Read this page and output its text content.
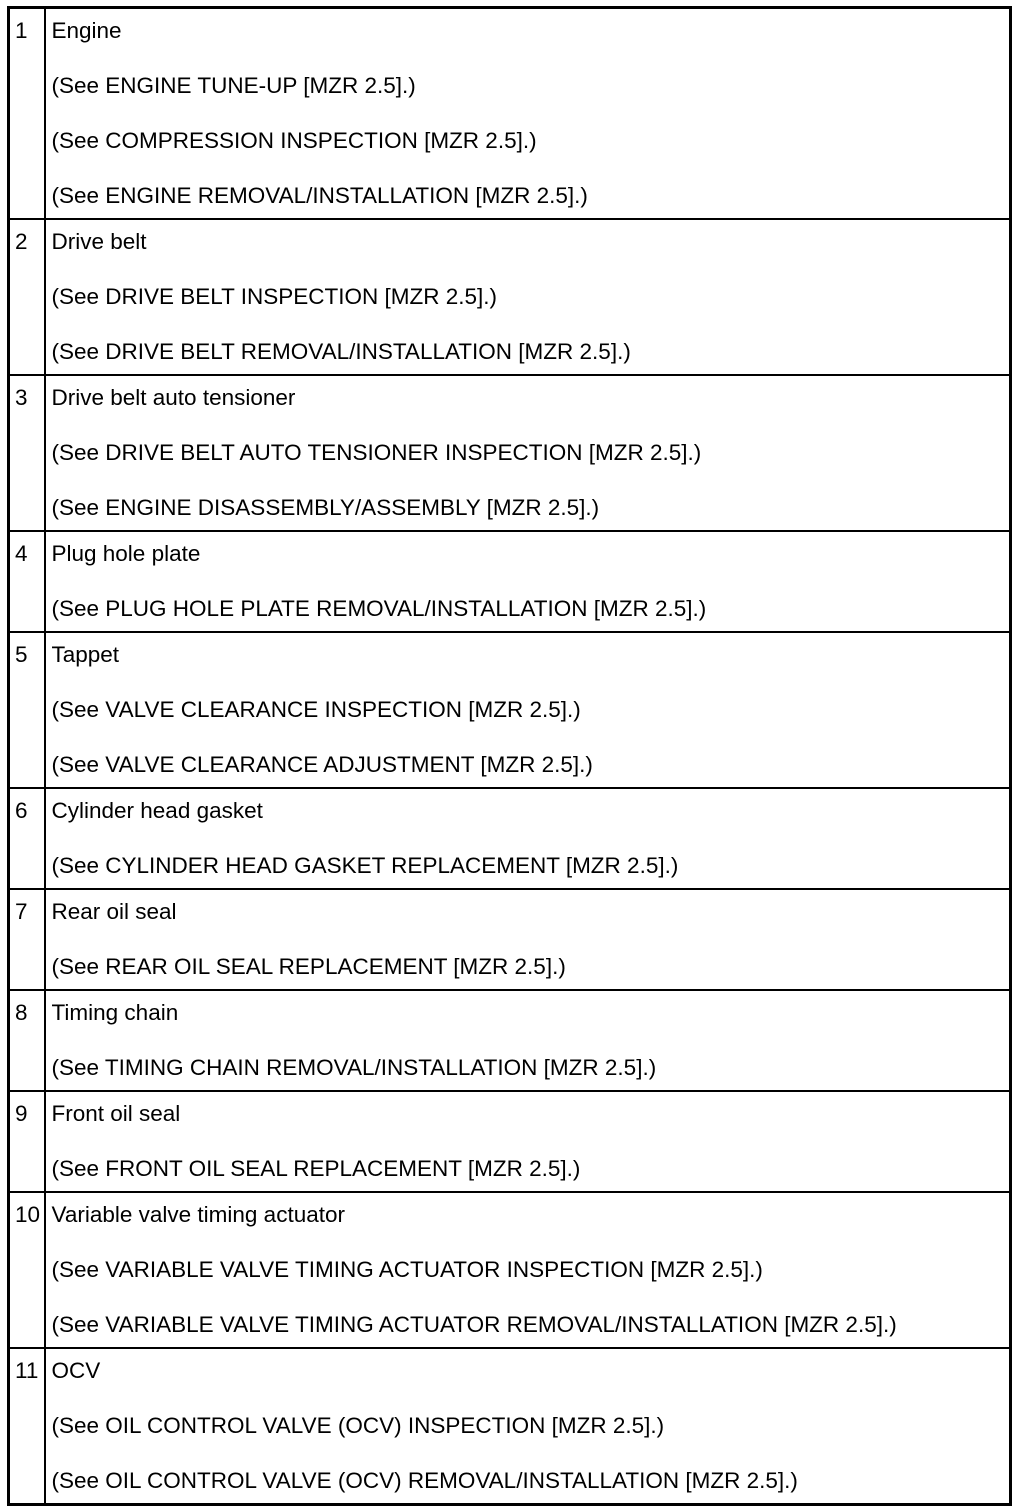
1	Engine
(See ENGINE TUNE-UP [MZR 2.5].)
(See COMPRESSION INSPECTION [MZR 2.5].)
(See ENGINE REMOVAL/INSTALLATION [MZR 2.5].)

2	Drive belt
(See DRIVE BELT INSPECTION [MZR 2.5].)
(See DRIVE BELT REMOVAL/INSTALLATION [MZR 2.5].)

3	Drive belt auto tensioner
(See DRIVE BELT AUTO TENSIONER INSPECTION [MZR 2.5].)
(See ENGINE DISASSEMBLY/ASSEMBLY [MZR 2.5].)

4	Plug hole plate
(See PLUG HOLE PLATE REMOVAL/INSTALLATION [MZR 2.5].)

5	Tappet
(See VALVE CLEARANCE INSPECTION [MZR 2.5].)
(See VALVE CLEARANCE ADJUSTMENT [MZR 2.5].)

6	Cylinder head gasket
(See CYLINDER HEAD GASKET REPLACEMENT [MZR 2.5].)

7	Rear oil seal
(See REAR OIL SEAL REPLACEMENT [MZR 2.5].)

8	Timing chain
(See TIMING CHAIN REMOVAL/INSTALLATION [MZR 2.5].)

9	Front oil seal
(See FRONT OIL SEAL REPLACEMENT [MZR 2.5].)

10	Variable valve timing actuator
(See VARIABLE VALVE TIMING ACTUATOR INSPECTION [MZR 2.5].)
(See VARIABLE VALVE TIMING ACTUATOR REMOVAL/INSTALLATION [MZR 2.5].)

11	OCV
(See OIL CONTROL VALVE (OCV) INSPECTION [MZR 2.5].)
(See OIL CONTROL VALVE (OCV) REMOVAL/INSTALLATION [MZR 2.5].)
